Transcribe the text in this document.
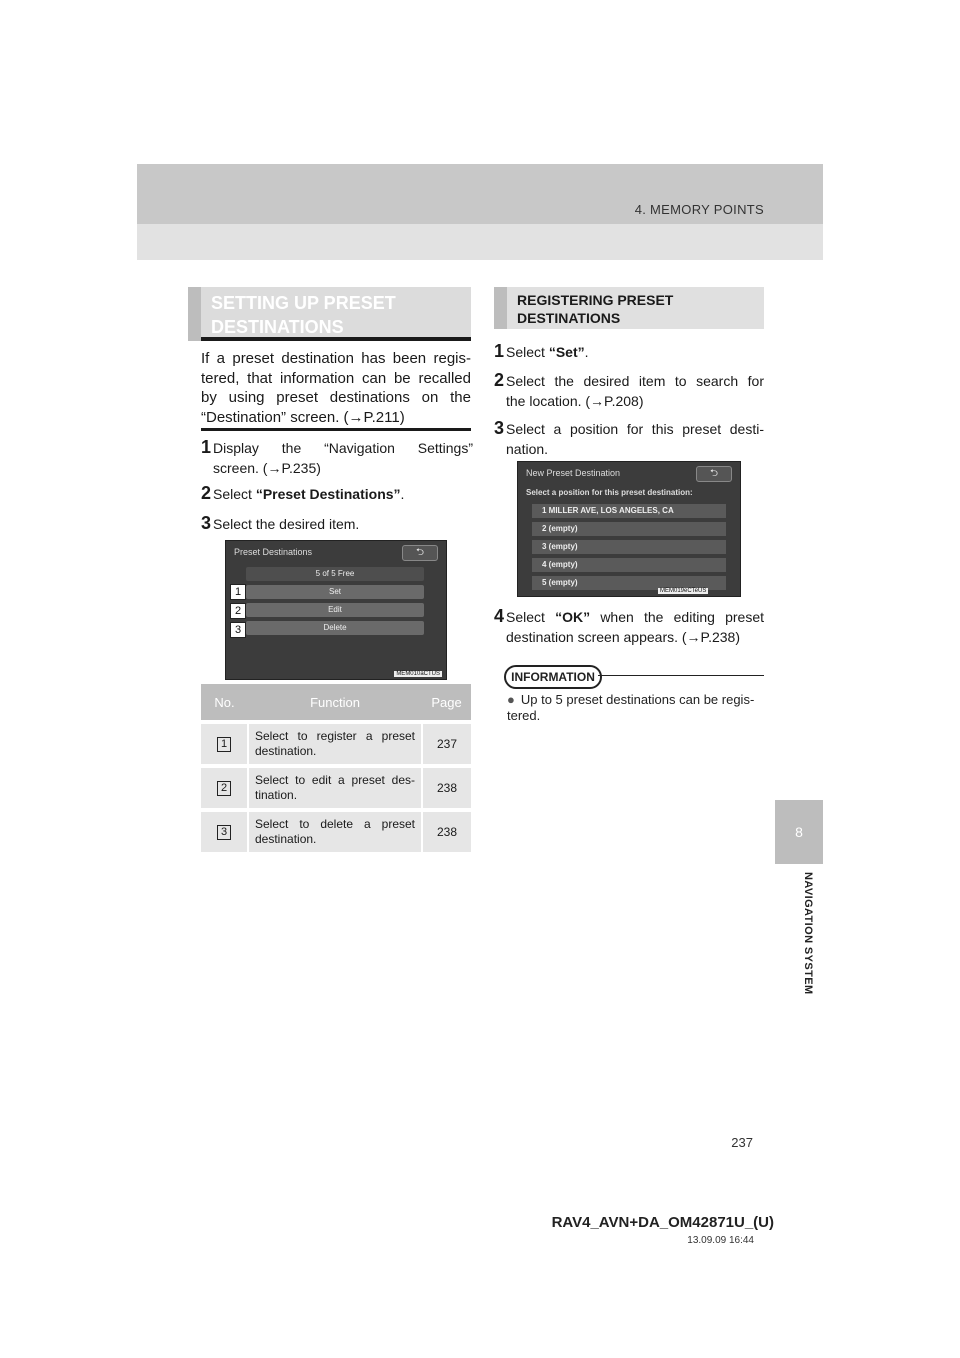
4. MEMORY POINTS
8
NAVIGATION SYSTEM
SETTING UP PRESET DESTINATIONS
If a preset destination has been regis-tered, that information can be recalled by using preset destinations on the “Destination” screen. (→P.211)
1 Display the “Navigation Settings”
screen. (→P.235)
2 Select “Preset Destinations”.
3 Select the desired item.
Preset Destinations	⮌
5 of 5 Free
Set
Edit
Delete
1
2
3
MEM010aCTUS
No.	Function	Page
1	Select to register a preset destination.	237
2	Select to edit a preset des-tination.	238
3	Select to delete a preset destination.	238
REGISTERING PRESET DESTINATIONS
1 Select “Set”.
2 Select the desired item to search for
the location. (→P.208)
3 Select a position for this preset desti-
nation.
New Preset Destination	⮌
Select a position for this preset destination:
1 MILLER AVE, LOS ANGELES, CA
2 (empty)
3 (empty)
4 (empty)
5 (empty)
MEM019eCTeUS
4 Select “OK” when the editing preset
destination screen appears. (→P.238)
INFORMATION
● Up to 5 preset destinations can be regis-tered.
237
RAV4_AVN+DA_OM42871U_(U)
13.09.09 16:44
